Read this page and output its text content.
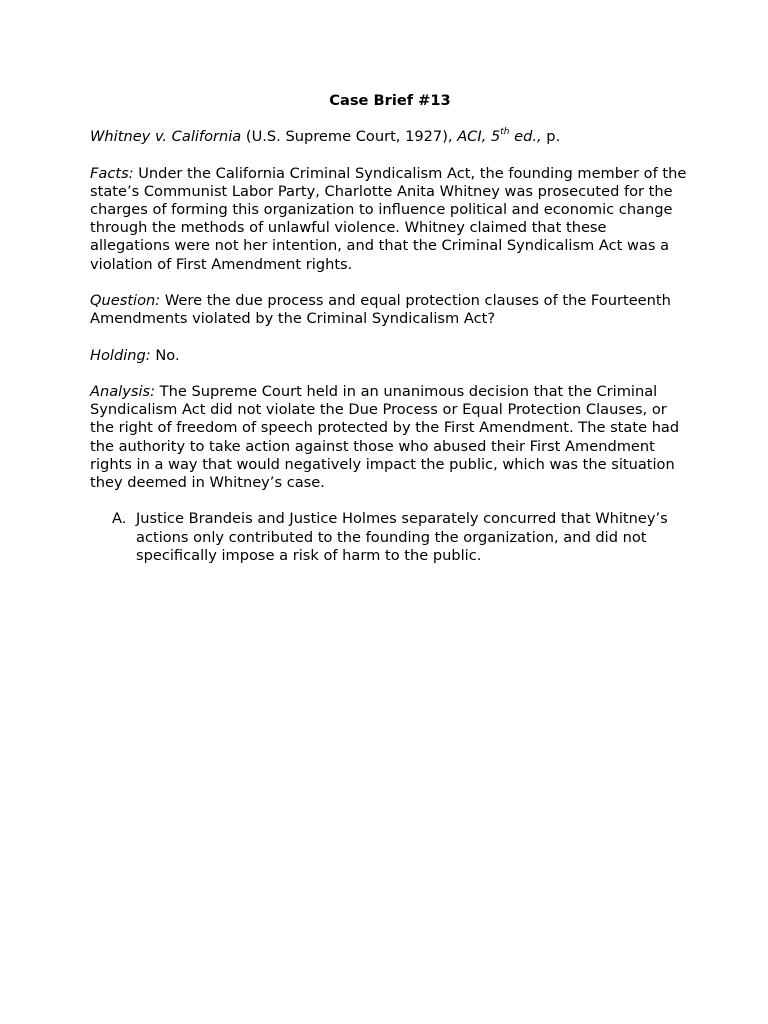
Case Brief #13

Whitney v. California (U.S. Supreme Court, 1927), ACI, 5th ed., p.

Facts: Under the California Criminal Syndicalism Act, the founding member of the state’s Communist Labor Party, Charlotte Anita Whitney was prosecuted for the charges of forming this organization to influence political and economic change through the methods of unlawful violence. Whitney claimed that these allegations were not her intention, and that the Criminal Syndicalism Act was a violation of First Amendment rights.

Question: Were the due process and equal protection clauses of the Fourteenth Amendments violated by the Criminal Syndicalism Act?

Holding: No.

Analysis: The Supreme Court held in an unanimous decision that the Criminal Syndicalism Act did not violate the Due Process or Equal Protection Clauses, or the right of freedom of speech protected by the First Amendment. The state had the authority to take action against those who abused their First Amendment rights in a way that would negatively impact the public, which was the situation they deemed in Whitney’s case.

A. Justice Brandeis and Justice Holmes separately concurred that Whitney’s actions only contributed to the founding the organization, and did not specifically impose a risk of harm to the public.
